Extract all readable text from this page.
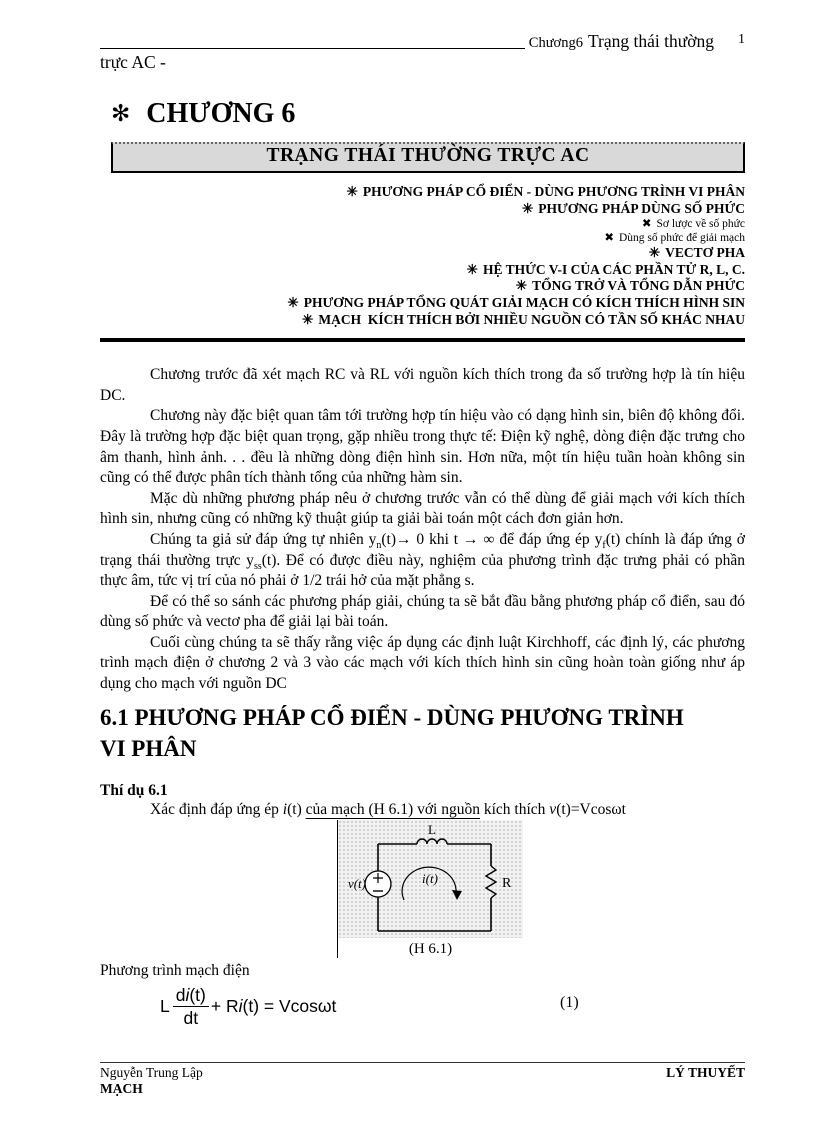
Chương6 Trạng thái thường 1
trực AC -
✻ CHƯƠNG 6
TRẠNG THÁI THƯỜNG TRỰC AC
✳ PHƯƠNG PHÁP CỔ ĐIỂN - DÙNG PHƯƠNG TRÌNH VI PHÂN
✳ PHƯƠNG PHÁP DÙNG SỐ PHỨC
✖ Sơ lược về số phức
✖ Dùng số phức để giải mạch
✳ VECTƠ PHA
✳ HỆ THỨC V-I CỦA CÁC PHẦN TỬ R, L, C.
✳ TỔNG TRỞ VÀ TỔNG DẪN PHỨC
✳ PHƯƠNG PHÁP TỔNG QUÁT GIẢI MẠCH CÓ KÍCH THÍCH HÌNH SIN
✳ MẠCH  KÍCH THÍCH BỞI NHIỀU NGUỒN CÓ TẦN SỐ KHÁC NHAU

Chương trước đã xét mạch RC và RL với nguồn kích thích trong đa số trường hợp là tín hiệu DC.

Chương này đặc biệt quan tâm tới trường hợp tín hiệu vào có dạng hình sin, biên độ không đổi. Đây là trường hợp đặc biệt quan trọng, gặp nhiều trong thực tế: Điện kỹ nghệ, dòng điện đặc trưng cho âm thanh, hình ảnh. . . đều là những dòng điện hình sin. Hơn nữa, một tín hiệu tuần hoàn không sin cũng có thể được phân tích thành tổng của những hàm sin.

Mặc dù những phương pháp nêu ở chương trước vẫn có thể dùng để giải mạch với kích thích hình sin, nhưng cũng có những kỹ thuật giúp ta giải bài toán một cách đơn giản hơn.

Chúng ta giả sử đáp ứng tự nhiên $y_n(t)\to 0$ khi t → ∞ để đáp ứng ép $y_f(t)$ chính là đáp ứng ở trạng thái thường trực $y_{ss}(t)$. Để có được điều này, nghiệm của phương trình đặc trưng phải có phần thực âm, tức vị trí của nó phải ở 1/2 trái hở của mặt phẳng s.

Để có thể so sánh các phương pháp giải, chúng ta sẽ bắt đầu bằng phương pháp cổ điển, sau đó dùng số phức và vectơ pha để giải lại bài toán.

Cuối cùng chúng ta sẽ thấy rằng việc áp dụng các định luật Kirchhoff, các định lý, các phương trình mạch điện ở chương 2 và 3 vào các mạch với kích thích hình sin cũng hoàn toàn giống như áp dụng cho mạch với nguồn DC

6.1 PHƯƠNG PHÁP CỔ ĐIỂN - DÙNG PHƯƠNG TRÌNH VI PHÂN
Thí dụ 6.1

Xác định đáp ứng ép i(t) của mạch (H 6.1) với nguồn kích thích v(t)=Vcosωt

L
R
i(t)
v(t)
(H 6.1)
Phương trình mạch điện
L $\frac{di(t)}{dt} + Ri(t) = Vcos\omega t$	(1)
Nguyễn Trung Lập	LÝ THUYẾT
MẠCH
